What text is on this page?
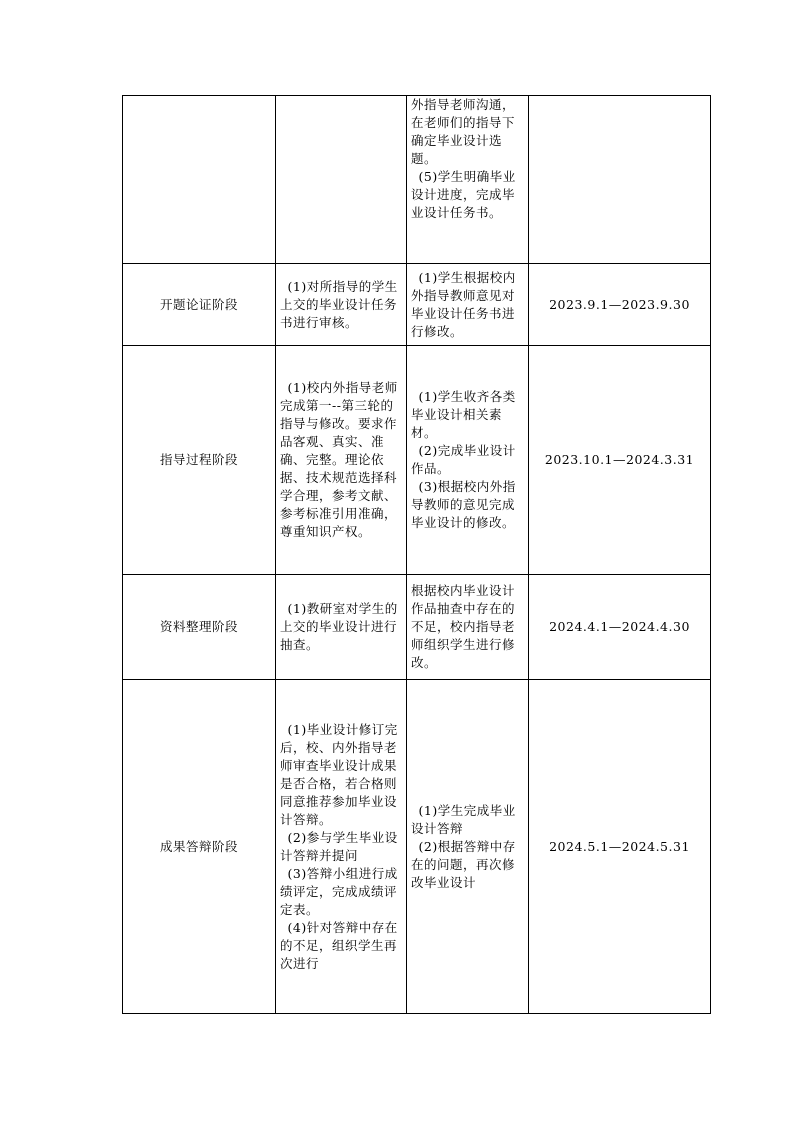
		外指导老师沟通，在老师们的指导下确定毕业设计选题。
(5)学生明确毕业设计进度，完成毕业设计任务书。	

开题论证阶段	(1)对所指导的学生上交的毕业设计任务书进行审核。	(1)学生根据校内外指导教师意见对毕业设计任务书进行修改。	2023.9.1—2023.9.30
指导过程阶段	(1)校内外指导老师完成第一--第三轮的指导与修改。要求作品客观、真实、准确、完整。理论依据、技术规范选择科学合理，参考文献、参考标准引用准确，尊重知识产权。	(1)学生收齐各类毕业设计相关素材。
(2)完成毕业设计作品。
(3)根据校内外指导教师的意见完成毕业设计的修改。	2023.10.1—2024.3.31
资料整理阶段	(1)教研室对学生的上交的毕业设计进行抽查。	根据校内毕业设计作品抽查中存在的不足，校内指导老师组织学生进行修改。	2024.4.1—2024.4.30
成果答辩阶段	(1)毕业设计修订完后，校、内外指导老师审查毕业设计成果是否合格，若合格则同意推荐参加毕业设计答辩。
(2)参与学生毕业设计答辩并提问
(3)答辩小组进行成绩评定，完成成绩评定表。
(4)针对答辩中存在的不足，组织学生再次进行	(1)学生完成毕业设计答辩
(2)根据答辩中存在的问题，再次修改毕业设计	2024.5.1—2024.5.31
